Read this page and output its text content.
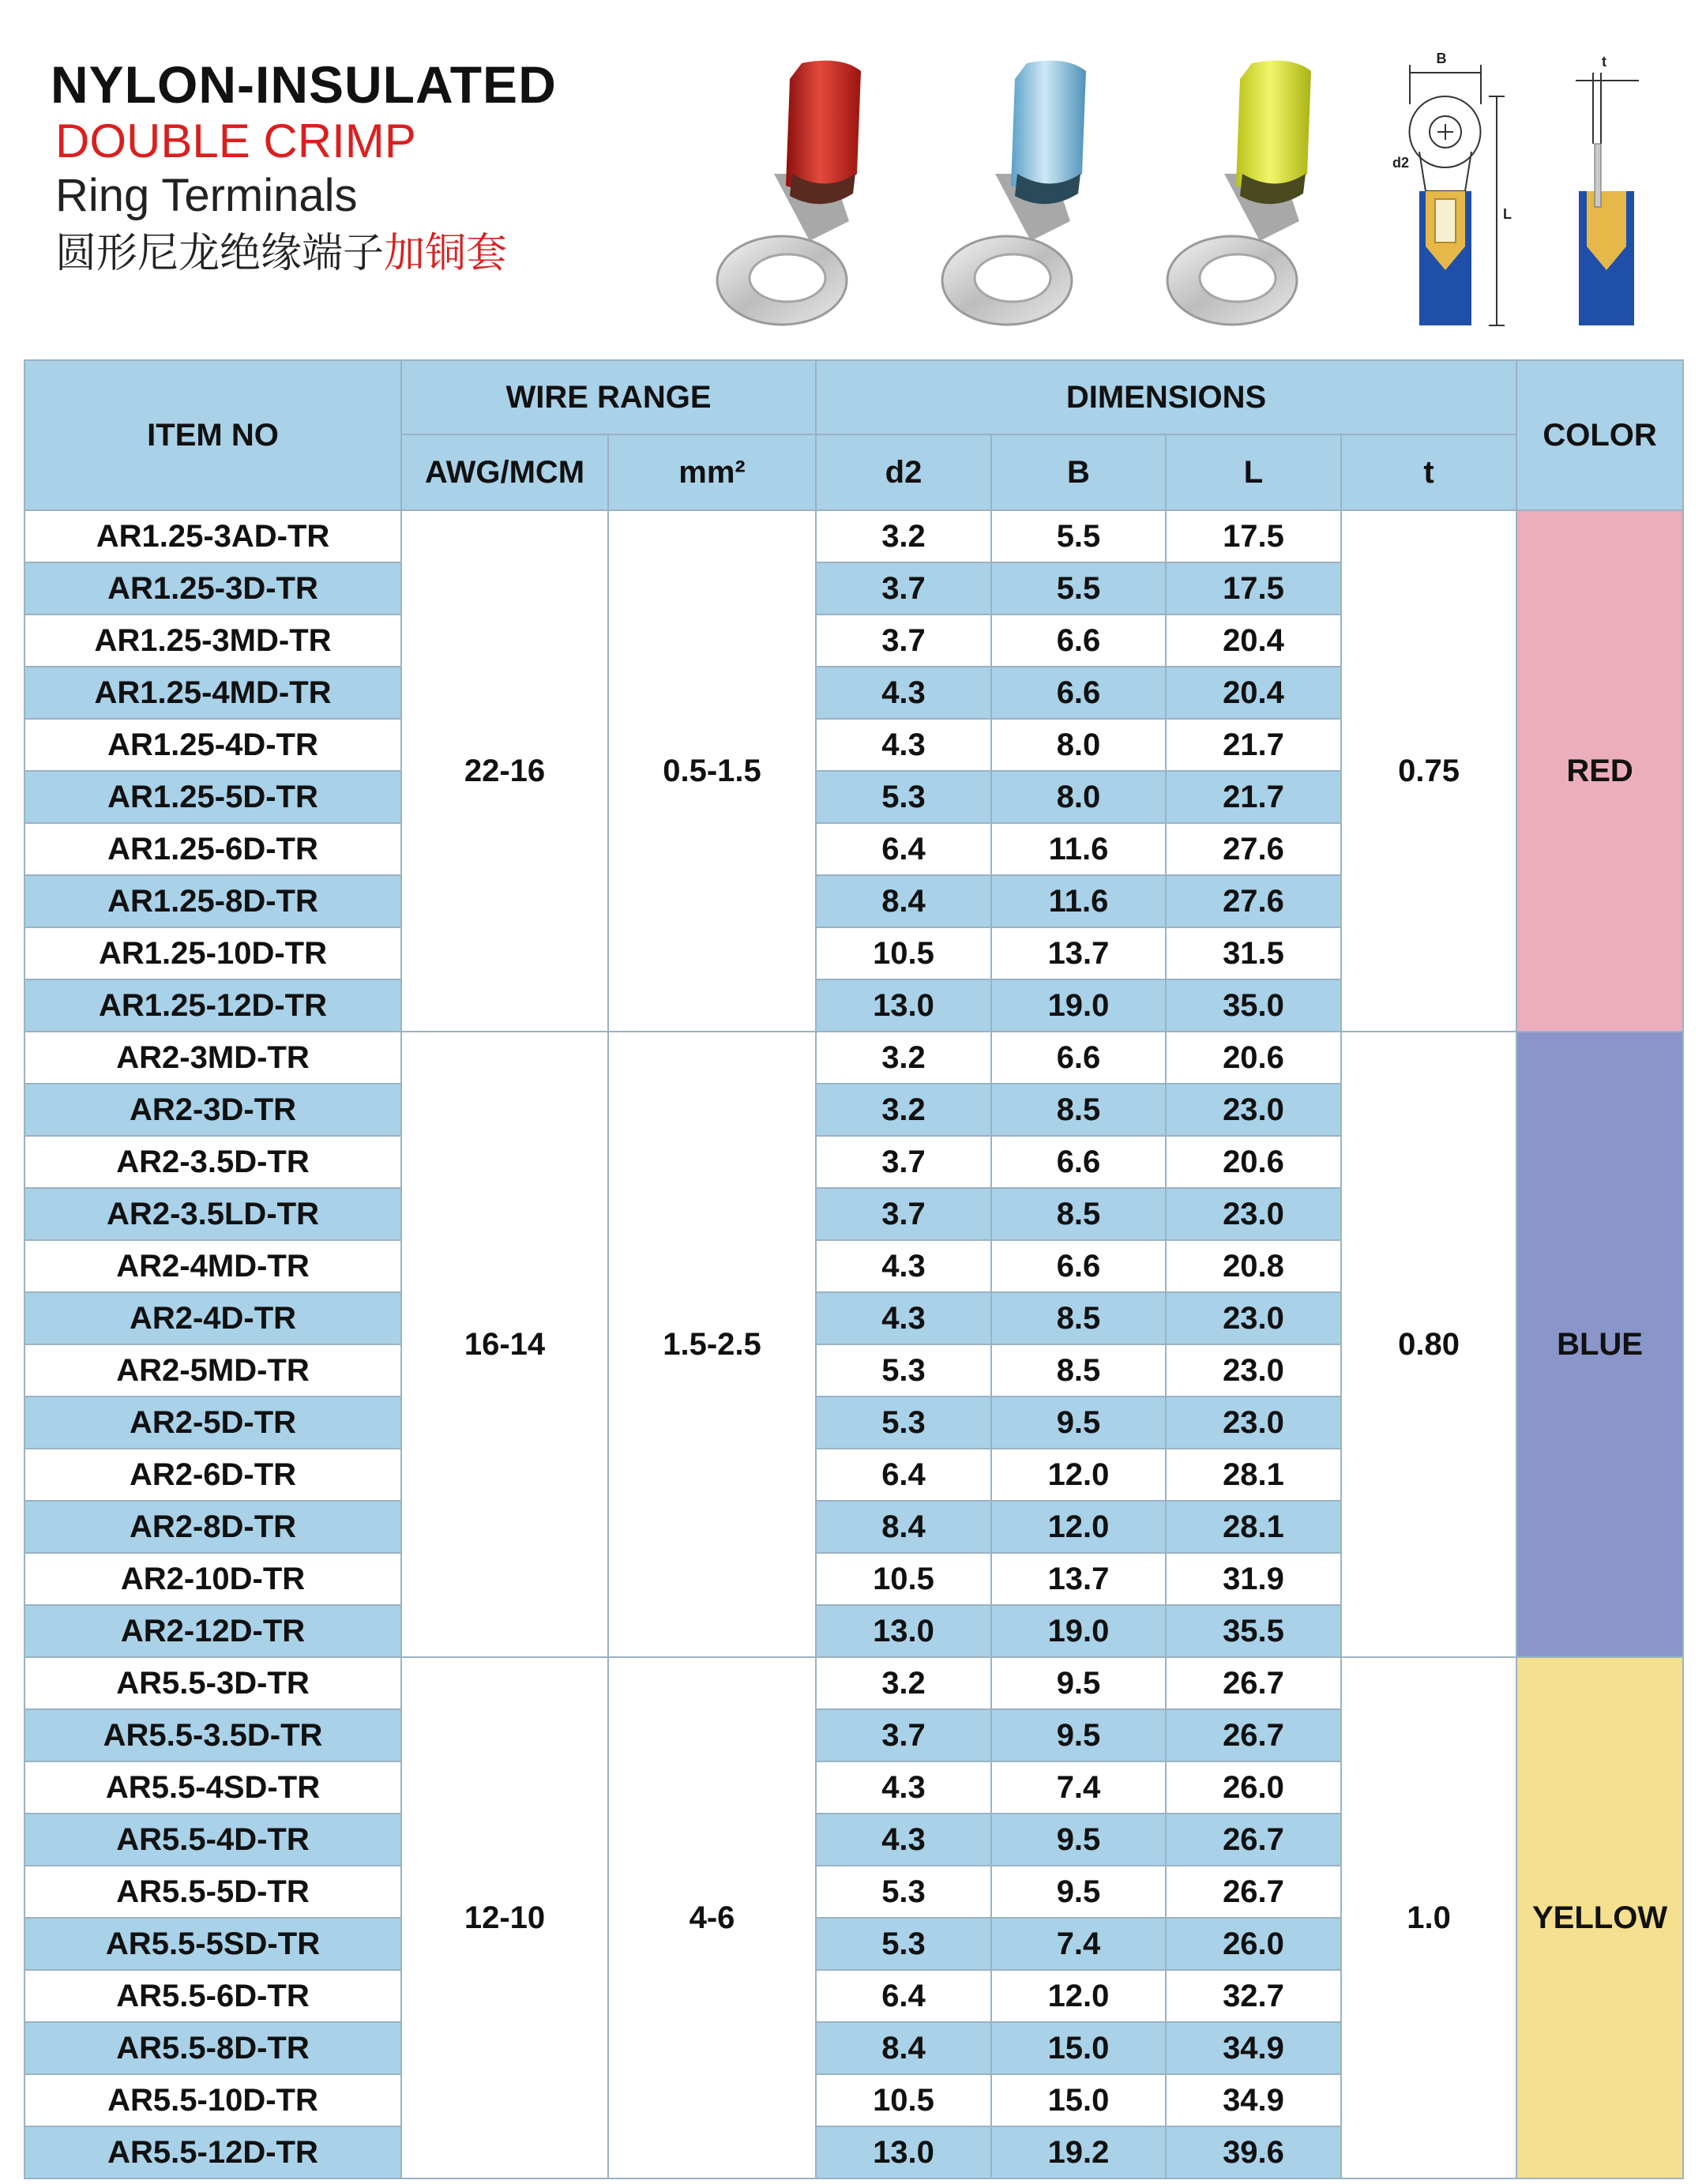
NYLON-INSULATED
DOUBLE CRIMP
Ring Terminals
圆形尼龙绝缘端子加铜套
B	t
d2
L
ITEM NO	WIRE RANGE		DIMENSIONS				COLOR
	AWG/MCM	mm²	d2	B	L	t	
AR1.25-3AD-TR	22-16	0.5-1.5	3.2	5.5	17.5	0.75	RED
AR1.25-3D-TR			3.7	5.5	17.5		
AR1.25-3MD-TR			3.7	6.6	20.4		
AR1.25-4MD-TR			4.3	6.6	20.4		
AR1.25-4D-TR			4.3	8.0	21.7		
AR1.25-5D-TR			5.3	8.0	21.7		
AR1.25-6D-TR			6.4	11.6	27.6		
AR1.25-8D-TR			8.4	11.6	27.6		
AR1.25-10D-TR			10.5	13.7	31.5		
AR1.25-12D-TR			13.0	19.0	35.0		
AR2-3MD-TR	16-14	1.5-2.5	3.2	6.6	20.6	0.80	BLUE
AR2-3D-TR			3.2	8.5	23.0		
AR2-3.5D-TR			3.7	6.6	20.6		
AR2-3.5LD-TR			3.7	8.5	23.0		
AR2-4MD-TR			4.3	6.6	20.8		
AR2-4D-TR			4.3	8.5	23.0		
AR2-5MD-TR			5.3	8.5	23.0		
AR2-5D-TR			5.3	9.5	23.0		
AR2-6D-TR			6.4	12.0	28.1		
AR2-8D-TR			8.4	12.0	28.1		
AR2-10D-TR			10.5	13.7	31.9		
AR2-12D-TR			13.0	19.0	35.5		
AR5.5-3D-TR	12-10	4-6	3.2	9.5	26.7	1.0	YELLOW
AR5.5-3.5D-TR			3.7	9.5	26.7		
AR5.5-4SD-TR			4.3	7.4	26.0		
AR5.5-4D-TR			4.3	9.5	26.7		
AR5.5-5D-TR			5.3	9.5	26.7		
AR5.5-5SD-TR			5.3	7.4	26.0		
AR5.5-6D-TR			6.4	12.0	32.7		
AR5.5-8D-TR			8.4	15.0	34.9		
AR5.5-10D-TR			10.5	15.0	34.9		
AR5.5-12D-TR			13.0	19.2	39.6		
